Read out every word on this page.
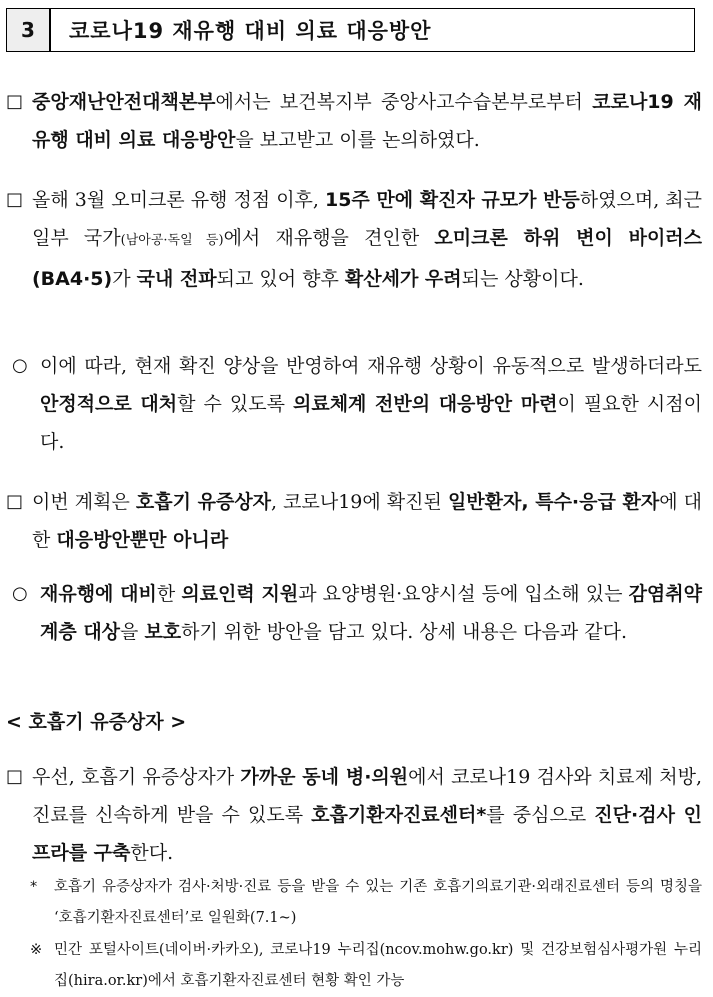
3	코로나19 재유행 대비 의료 대응방안
□ 중앙재난안전대책본부에서는 보건복지부 중앙사고수습본부로부터 코로나19 재유행 대비 의료 대응방안을 보고받고 이를 논의하였다.
□ 올해 3월 오미크론 유행 정점 이후, 15주 만에 확진자 규모가 반등하였으며, 최근 일부 국가(남아공·독일 등)에서 재유행을 견인한 오미크론 하위 변이 바이러스(BA4·5)가 국내 전파되고 있어 향후 확산세가 우려되는 상황이다.
○ 이에 따라, 현재 확진 양상을 반영하여 재유행 상황이 유동적으로 발생하더라도 안정적으로 대처할 수 있도록 의료체계 전반의 대응방안 마련이 필요한 시점이다.
□ 이번 계획은 호흡기 유증상자, 코로나19에 확진된 일반환자, 특수·응급 환자에 대한 대응방안뿐만 아니라
○ 재유행에 대비한 의료인력 지원과 요양병원·요양시설 등에 입소해 있는 감염취약계층 대상을 보호하기 위한 방안을 담고 있다. 상세 내용은 다음과 같다.
< 호흡기 유증상자 >
□ 우선, 호흡기 유증상자가 가까운 동네 병·의원에서 코로나19 검사와 치료제 처방, 진료를 신속하게 받을 수 있도록 호흡기환자진료센터*를 중심으로 진단·검사 인프라를 구축한다.
*	호흡기 유증상자가 검사·처방·진료 등을 받을 수 있는 기존 호흡기의료기관·외래진료센터 등의 명칭을 ‘호흡기환자진료센터’로 일원화(7.1~)
※ 민간 포털사이트(네이버·카카오), 코로나19 누리집(ncov.mohw.go.kr) 및 건강보험심사평가원 누리집(hira.or.kr)에서 호흡기환자진료센터 현황 확인 가능
